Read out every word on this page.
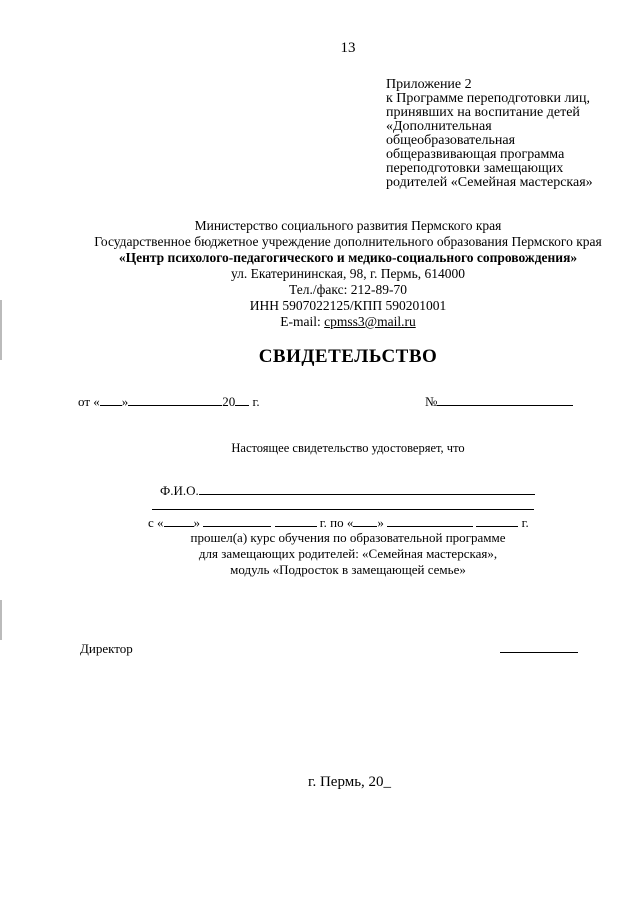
13
Приложение 2
к Программе переподготовки лиц,
принявших на воспитание детей
«Дополнительная
общеобразовательная
общеразвивающая программа
переподготовки замещающих
родителей «Семейная мастерская»
Министерство социального развития Пермского края
Государственное бюджетное учреждение дополнительного образования Пермского края
«Центр психолого-педагогического и медико-социального сопровождения»
ул. Екатерининская, 98, г. Пермь, 614000
Тел./факс: 212-89-70
ИНН 5907022125/КПП 590201001
E-mail: cpmss3@mail.ru
СВИДЕТЕЛЬСТВО
от « »	20 г.	№
Настоящее свидетельство удостоверяет, что
Ф.И.О.
с « »	г. по « »	г.
прошел(а) курс обучения по образовательной программе
для замещающих родителей: «Семейная мастерская»,
модуль «Подросток в замещающей семье»
Директор
г. Пермь, 20_
